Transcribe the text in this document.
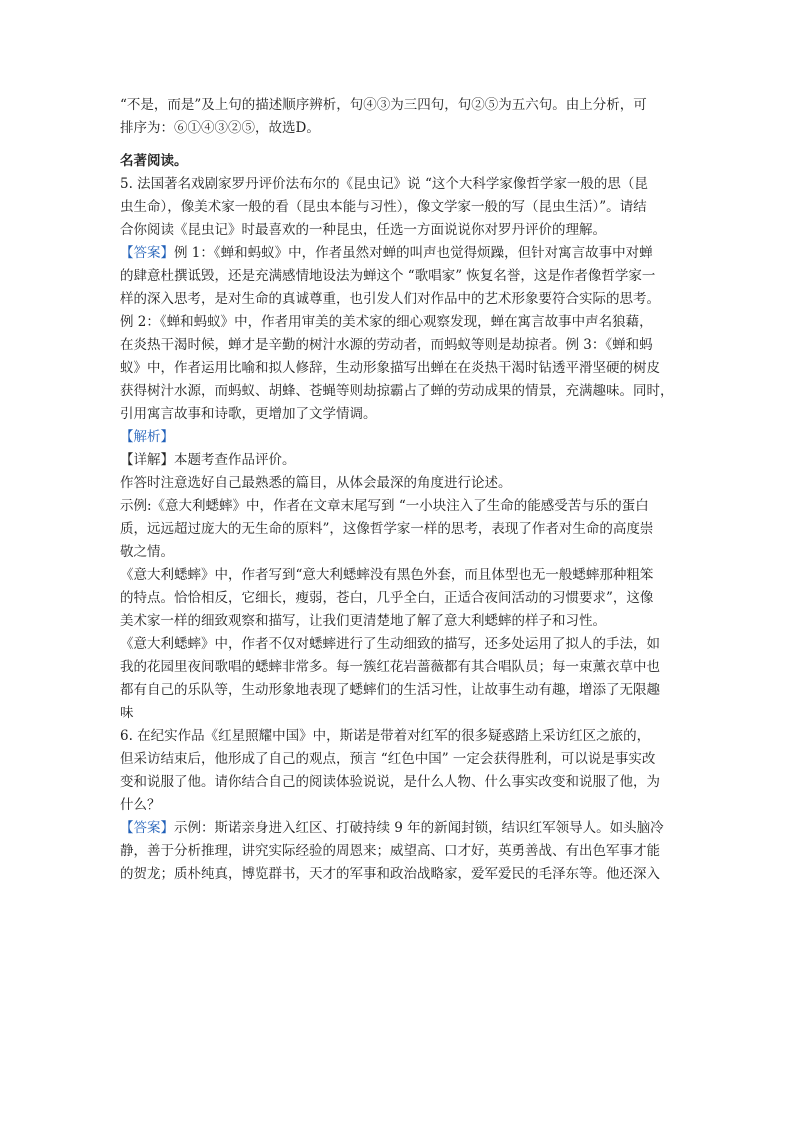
“不是，而是”及上句的描述顺序辨析，句④③为三四句，句②⑤为五六句。由上分析，可
排序为：⑥①④③②⑤，故选D。
名著阅读。
5. 法国著名戏剧家罗丹评价法布尔的《昆虫记》说 “这个大科学家像哲学家一般的思（昆
虫生命），像美术家一般的看（昆虫本能与习性），像文学家一般的写（昆虫生活）”。请结
合你阅读《昆虫记》时最喜欢的一种昆虫，任选一方面说说你对罗丹评价的理解。
【答案】例 1：《蝉和蚂蚁》中，作者虽然对蝉的叫声也觉得烦躁，但针对寓言故事中对蝉
的肆意杜撰诋毁，还是充满感情地设法为蝉这个 “歌唱家” 恢复名誉，这是作者像哲学家一
样的深入思考，是对生命的真诚尊重，也引发人们对作品中的艺术形象要符合实际的思考。
例 2：《蝉和蚂蚁》中，作者用审美的美术家的细心观察发现，蝉在寓言故事中声名狼藉，
在炎热干渴时候，蝉才是辛勤的树汁水源的劳动者，而蚂蚁等则是劫掠者。例 3：《蝉和蚂
蚁》中，作者运用比喻和拟人修辞，生动形象描写出蝉在在炎热干渴时钻透平滑坚硬的树皮
获得树汁水源，而蚂蚁、胡蜂、苍蝇等则劫掠霸占了蝉的劳动成果的情景，充满趣味。同时，
引用寓言故事和诗歌，更增加了文学情调。
【解析】
【详解】本题考查作品评价。
作答时注意选好自己最熟悉的篇目，从体会最深的角度进行论述。
示例:《意大利蟋蟀》中，作者在文章末尾写到 “一小块注入了生命的能感受苦与乐的蛋白
质，远远超过庞大的无生命的原料”，这像哲学家一样的思考，表现了作者对生命的高度崇
敬之情。
《意大利蟋蟀》中，作者写到“意大利蟋蟀没有黑色外套，而且体型也无一般蟋蟀那种粗笨
的特点。恰恰相反，它细长，瘦弱，苍白，几乎全白，正适合夜间活动的习惯要求”，这像
美术家一样的细致观察和描写，让我们更清楚地了解了意大利蟋蟀的样子和习性。
《意大利蟋蟀》中，作者不仅对蟋蟀进行了生动细致的描写，还多处运用了拟人的手法，如
我的花园里夜间歌唱的蟋蟀非常多。每一簇红花岩蔷薇都有其合唱队员；每一束薰衣草中也
都有自己的乐队等，生动形象地表现了蟋蟀们的生活习性，让故事生动有趣，增添了无限趣
味
6. 在纪实作品《红星照耀中国》中，斯诺是带着对红军的很多疑惑踏上采访红区之旅的，
但采访结束后，他形成了自己的观点，预言 “红色中国” 一定会获得胜利，可以说是事实改
变和说服了他。请你结合自己的阅读体验说说，是什么人物、什么事实改变和说服了他，为
什么？
【答案】示例：斯诺亲身进入红区、打破持续 9 年的新闻封锁，结识红军领导人。如头脑冷
静，善于分析推理，讲究实际经验的周恩来；威望高、口才好，英勇善战、有出色军事才能
的贺龙；质朴纯真，博览群书，天才的军事和政治战略家，爱军爱民的毛泽东等。他还深入
